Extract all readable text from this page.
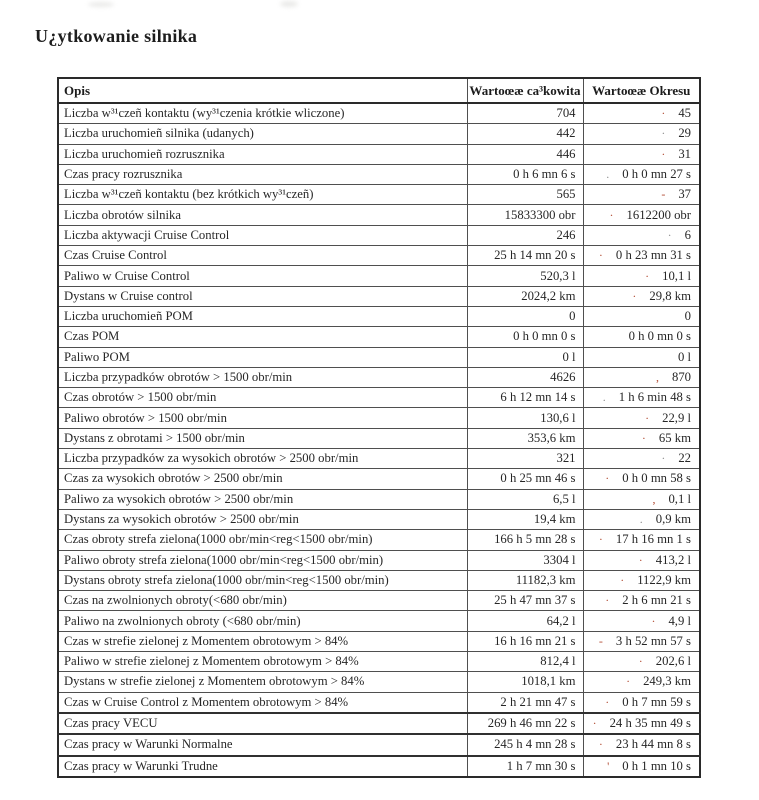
U¿ytkowanie silnika
Opis	Wartoœæ ca³kowita	Wartoœæ Okresu
Liczba w³¹czeñ kontaktu (wy³¹czenia krótkie wliczone)	704	· 45
Liczba uruchomieñ silnika (udanych)	442	· 29
Liczba uruchomieñ rozrusznika	446	· 31
Czas pracy rozrusznika	0 h 6 mn 6 s	. 0 h 0 mn 27 s
Liczba w³¹czeñ kontaktu (bez krótkich wy³¹czeñ)	565	- 37
Liczba obrotów silnika	15833300 obr	· 1612200 obr
Liczba aktywacji Cruise Control	246	· 6
Czas Cruise Control	25 h 14 mn 20 s	· 0 h 23 mn 31 s
Paliwo w Cruise Control	520,3 l	· 10,1 l
Dystans w Cruise control	2024,2 km	· 29,8 km
Liczba uruchomieñ POM	0	0
Czas POM	0 h 0 mn 0 s	0 h 0 mn 0 s
Paliwo POM	0 l	0 l
Liczba przypadków obrotów > 1500 obr/min	4626	, 870
Czas obrotów > 1500 obr/min	6 h 12 mn 14 s	. 1 h 6 min 48 s
Paliwo obrotów > 1500 obr/min	130,6 l	· 22,9 l
Dystans z obrotami > 1500 obr/min	353,6 km	· 65 km
Liczba przypadków za wysokich obrotów > 2500 obr/min	321	· 22
Czas za wysokich obrotów > 2500 obr/min	0 h 25 mn 46 s	· 0 h 0 mn 58 s
Paliwo za wysokich obrotów > 2500 obr/min	6,5 l	, 0,1 l
Dystans za wysokich obrotów > 2500 obr/min	19,4 km	. 0,9 km
Czas obroty strefa zielona(1000 obr/min<reg<1500 obr/min)	166 h 5 mn 28 s	· 17 h 16 mn 1 s
Paliwo obroty strefa zielona(1000 obr/min<reg<1500 obr/min)	3304 l	· 413,2 l
Dystans obroty strefa zielona(1000 obr/min<reg<1500 obr/min)	11182,3 km	· 1122,9 km
Czas na zwolnionych obroty(<680 obr/min)	25 h 47 mn 37 s	· 2 h 6 mn 21 s
Paliwo na zwolnionych obroty (<680 obr/min)	64,2 l	· 4,9 l
Czas w strefie zielonej z Momentem obrotowym > 84%	16 h 16 mn 21 s	- 3 h 52 mn 57 s
Paliwo w strefie zielonej z Momentem obrotowym > 84%	812,4 l	· 202,6 l
Dystans w strefie zielonej z Momentem obrotowym > 84%	1018,1 km	· 249,3 km
Czas w Cruise Control z Momentem obrotowym > 84%	2 h 21 mn 47 s	· 0 h 7 mn 59 s
Czas pracy VECU	269 h 46 mn 22 s	· 24 h 35 mn 49 s
Czas pracy w Warunki Normalne	245 h 4 mn 28 s	· 23 h 44 mn 8 s
Czas pracy w Warunki Trudne	1 h 7 mn 30 s	' 0 h 1 mn 10 s
